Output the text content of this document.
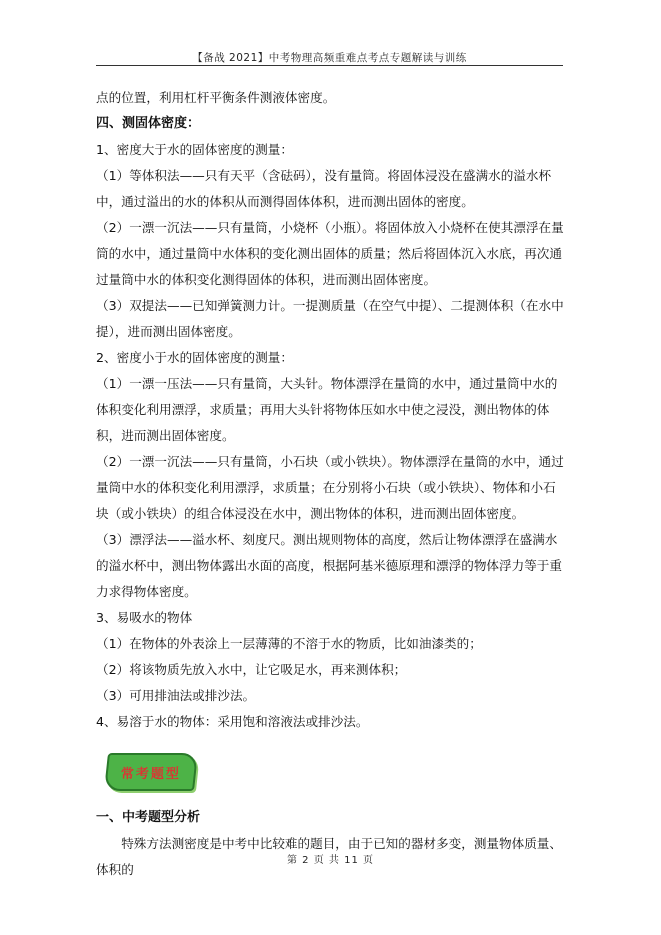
【备战 2021】中考物理高频重难点考点专题解读与训练

点的位置，利用杠杆平衡条件测液体密度。

四、测固体密度：

1、密度大于水的固体密度的测量：

（1）等体积法——只有天平（含砝码），没有量筒。将固体浸没在盛满水的溢水杯中，通过溢出的水的体积从而测得固体体积，进而测出固体的密度。

（2）一漂一沉法——只有量筒，小烧杯（小瓶）。将固体放入小烧杯在使其漂浮在量筒的水中，通过量筒中水体积的变化测出固体的质量；然后将固体沉入水底，再次通过量筒中水的体积变化测得固体的体积，进而测出固体密度。

（3）双提法——已知弹簧测力计。一提测质量（在空气中提）、二提测体积（在水中提），进而测出固体密度。

2、密度小于水的固体密度的测量：

（1）一漂一压法——只有量筒，大头针。物体漂浮在量筒的水中，通过量筒中水的体积变化利用漂浮，求质量；再用大头针将物体压如水中使之浸没，测出物体的体积，进而测出固体密度。

（2）一漂一沉法——只有量筒，小石块（或小铁块）。物体漂浮在量筒的水中，通过量筒中水的体积变化利用漂浮，求质量；在分别将小石块（或小铁块）、物体和小石块（或小铁块）的组合体浸没在水中，测出物体的体积，进而测出固体密度。

（3）漂浮法——溢水杯、刻度尺。测出规则物体的高度，然后让物体漂浮在盛满水的溢水杯中，测出物体露出水面的高度，根据阿基米德原理和漂浮的物体浮力等于重力求得物体密度。

3、易吸水的物体

（1）在物体的外表涂上一层薄薄的不溶于水的物质，比如油漆类的；

（2）将该物质先放入水中，让它吸足水，再来测体积；

（3）可用排油法或排沙法。

4、易溶于水的物体：采用饱和溶液法或排沙法。

常考题型

一、中考题型分析

特殊方法测密度是中考中比较难的题目，由于已知的器材多变，测量物体质量、体积的

第 2 页 共 11 页
